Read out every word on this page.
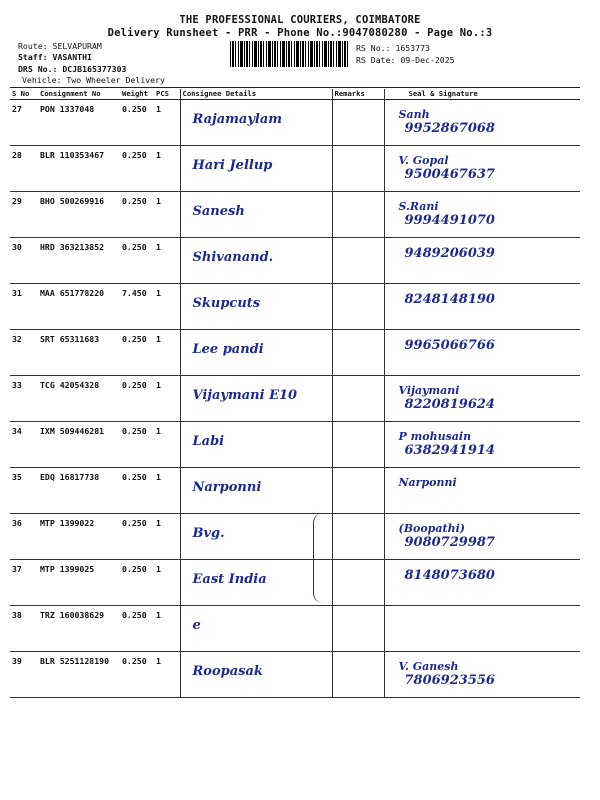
THE PROFESSIONAL COURIERS, COIMBATORE
Delivery Runsheet - PRR - Phone No.:9047080280 - Page No.:3
Route: SELVAPURAM
Staff: VASANTHI
DRS No.: DCJB165377303
Vehicle: Two Wheeler Delivery
RS No.: 1653773
RS Date: 09-Dec-2025
S No	Consignment No	Weight	PCS	Consignee Details	Remarks	Seal & Signature
27	PON 1337048	0.250	1	Rajamaylam		Sanh
9952867068

28	BLR 110353467	0.250	1	Hari Jellup		V. Gopal
9500467637

29	BHO 500269916	0.250	1	Sanesh		S.Rani
9994491070

30	HRD 363213852	0.250	1	Shivanand.		9489206039

31	MAA 651778220	7.450	1	Skupcuts		8248148190

32	SRT 65311683	0.250	1	Lee pandi		9965066766

33	TCG 42054328	0.250	1	Vijaymani E10		Vijaymani
8220819624

34	IXM 509446281	0.250	1	Labi		P mohusain
6382941914

35	EDQ 16817738	0.250	1	Narponni		Narponni

36	MTP 1399022	0.250	1	Bvg.		(Boopathi)
9080729987

37	MTP 1399025	0.250	1	East India		8148073680

38	TRZ 160038629	0.250	1	e		

39	BLR 5251128190	0.250	1	Roopasak		V. Ganesh
7806923556
